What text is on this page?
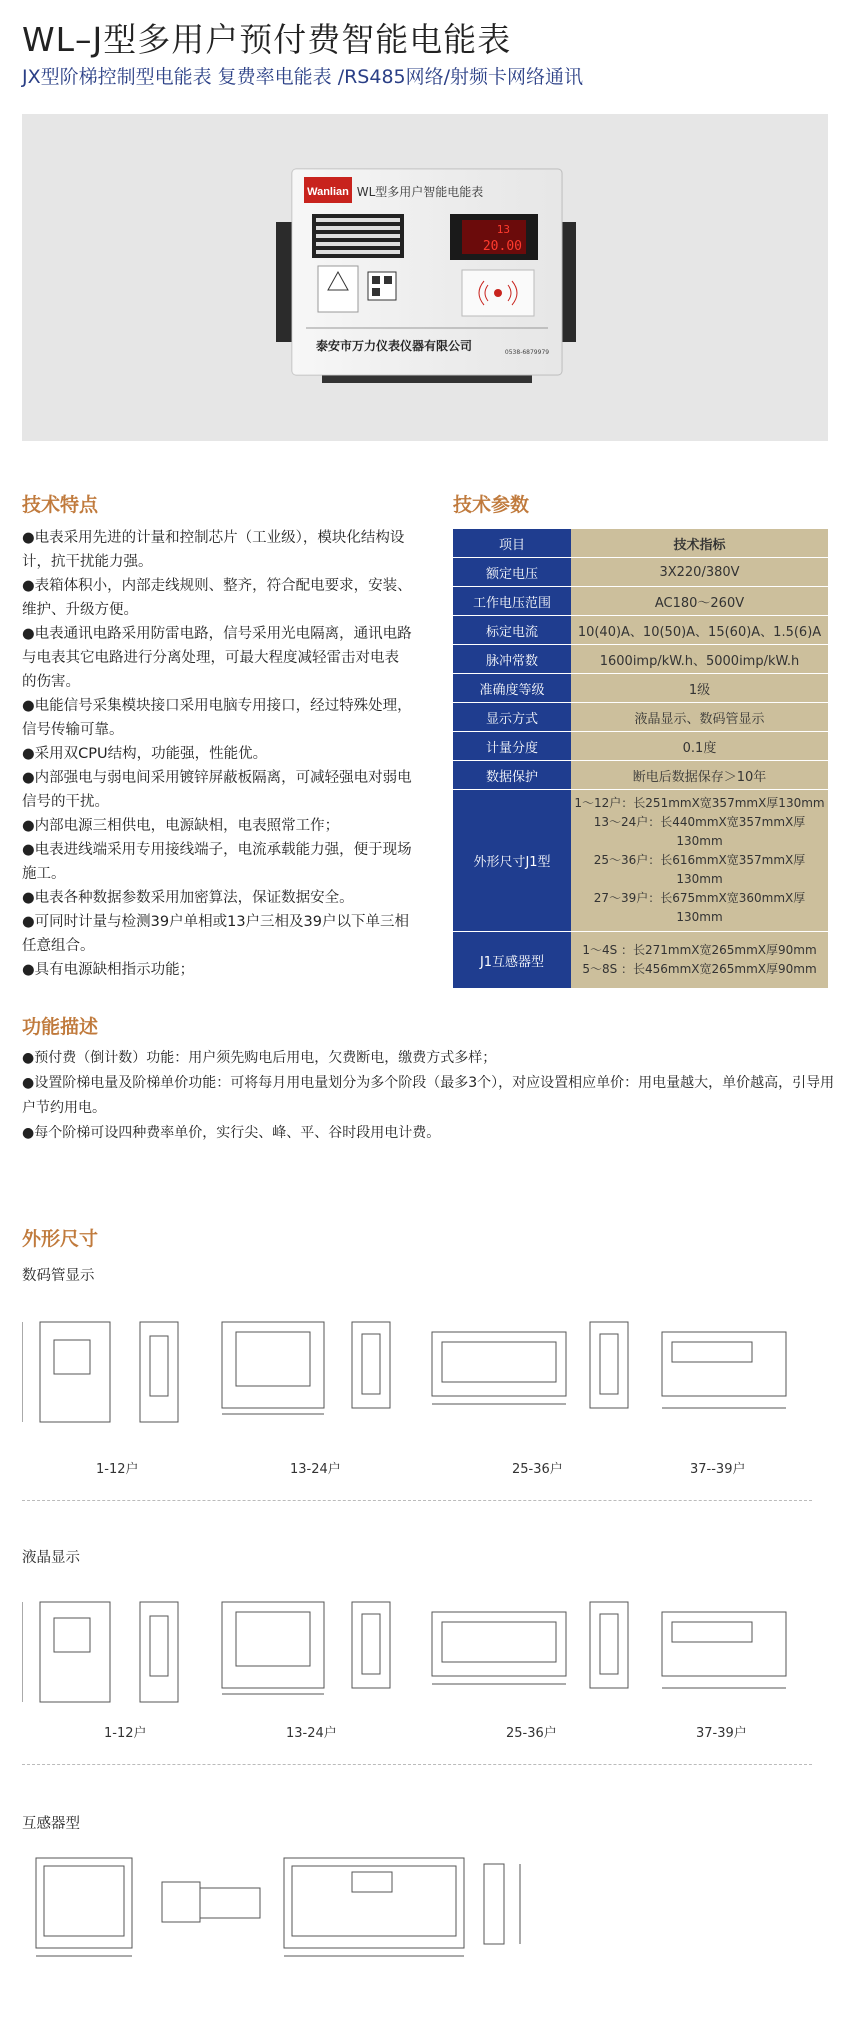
WL–J型多用户预付费智能电能表
JX型阶梯控制型电能表 复费率电能表 /RS485网络/射频卡网络通讯
Wanlian WL型多用户智能电能表
13
20.00
泰安市万力仪表仪器有限公司	0538-6879979
技术特点

●电表采用先进的计量和控制芯片（工业级），模块化结构设计，抗干扰能力强。

●表箱体积小，内部走线规则、整齐，符合配电要求，安装、维护、升级方便。

●电表通讯电路采用防雷电路，信号采用光电隔离，通讯电路与电表其它电路进行分离处理，可最大程度减轻雷击对电表的伤害。

●电能信号采集模块接口采用电脑专用接口，经过特殊处理，信号传输可靠。

●采用双CPU结构，功能强，性能优。

●内部强电与弱电间采用镀锌屏蔽板隔离，可减轻强电对弱电信号的干扰。

●内部电源三相供电，电源缺相，电表照常工作；

●电表进线端采用专用接线端子，电流承载能力强，便于现场施工。

●电表各种数据参数采用加密算法，保证数据安全。

●可同时计量与检测39户单相或13户三相及39户以下单三相任意组合。

●具有电源缺相指示功能；

技术参数
项目	技术指标
额定电压	3X220/380V
工作电压范围	AC180～260V
标定电流	10(40)A、10(50)A、15(60)A、1.5(6)A
脉冲常数	1600imp/kW.h、5000imp/kW.h
准确度等级	1级
显示方式	液晶显示、数码管显示
计量分度	0.1度
数据保护	断电后数据保存＞10年
外形尺寸J1型	1～12户：长251mmX宽357mmX厚130mm
13～24户：长440mmX宽357mmX厚130mm
25～36户：长616mmX宽357mmX厚130mm
27～39户：长675mmX宽360mmX厚130mm

J1互感器型	1～4S ：长271mmX宽265mmX厚90mm
5～8S ：长456mmX宽265mmX厚90mm
功能描述

●预付费（倒计数）功能：用户须先购电后用电，欠费断电，缴费方式多样；

●设置阶梯电量及阶梯单价功能：可将每月用电量划分为多个阶段（最多3个），对应设置相应单价：用电量越大，单价越高，引导用户节约用电。

●每个阶梯可设四种费率单价，实行尖、峰、平、谷时段用电计费。

外形尺寸
数码管显示
1-12户	13-24户	25-36户	37--39户
液晶显示
1-12户	13-24户	25-36户	37-39户
互感器型
